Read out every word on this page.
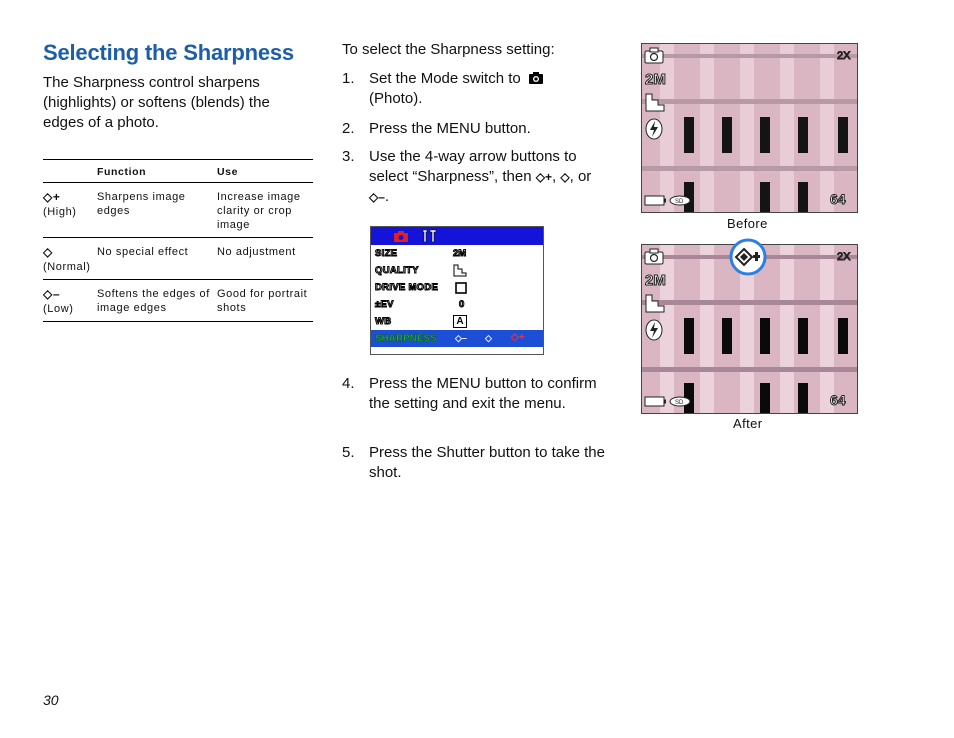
Selecting the Sharpness
The Sharpness control sharpens (highlights) or softens (blends) the edges of a photo.
	Function	Use
◇+
(High)	Sharpens image edges	Increase image clarity or crop image
◇
(Normal)	No special effect	No adjustment
◇–
(Low)	Softens the edges of image edges	Good for portrait shots
To select the Sharpness setting:
1. Set the Mode switch to
(Photo).
2. Press the MENU button.
3. Use the 4-way arrow buttons to select “Sharpness”, then ◇+, ◇, or ◇–.
SIZE	2M
QUALITY
DRIVE MODE
±EV	0
WB	A
SHARPNESS ◇– ◇ ◇+
4. Press the MENU button to confirm the setting and exit the menu.
5. Press the Shutter button to take the shot.
2M
2X
SD	64
Before
2M
2X
SD	64
After
30
